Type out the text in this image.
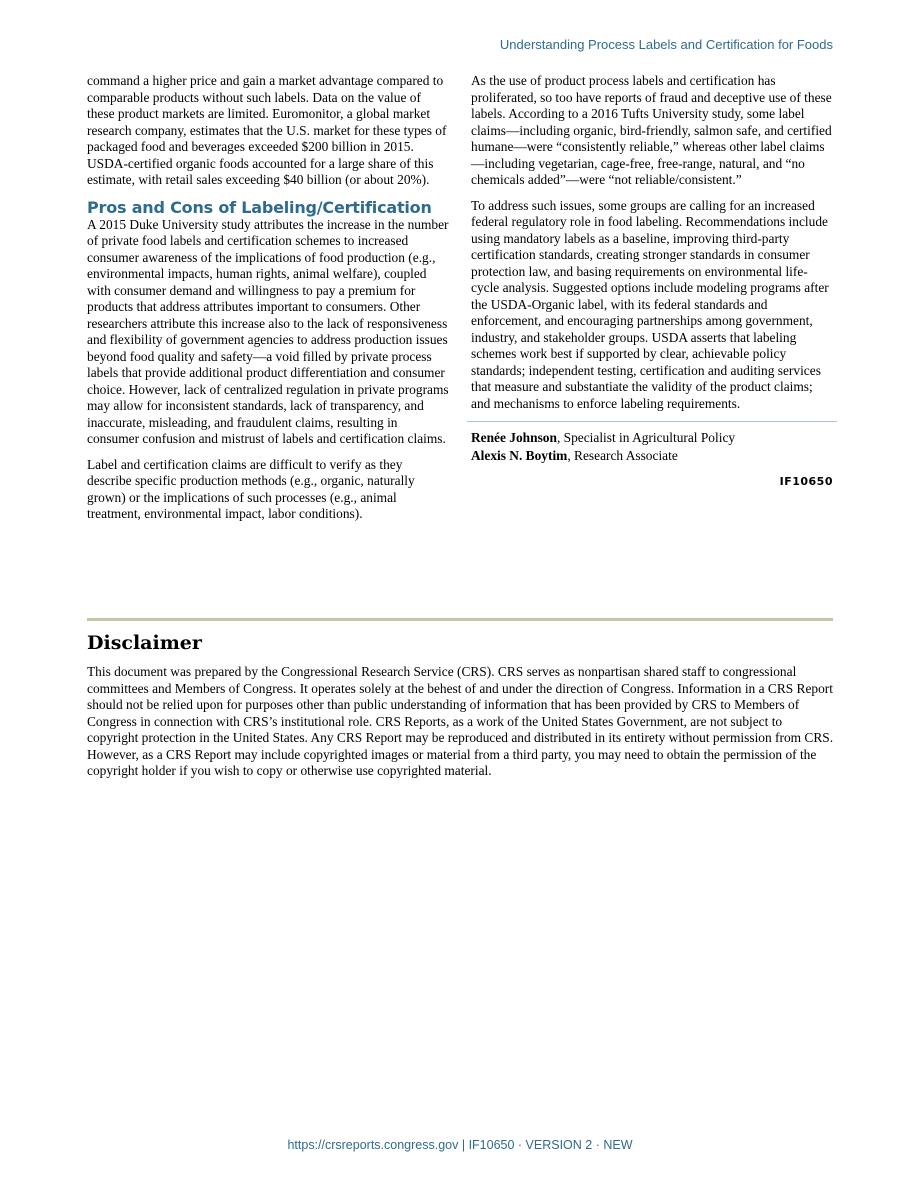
Understanding Process Labels and Certification for Foods

command a higher price and gain a market advantage compared to comparable products without such labels. Data on the value of these product markets are limited. Euromonitor, a global market research company, estimates that the U.S. market for these types of packaged food and beverages exceeded $200 billion in 2015. USDA-certified organic foods accounted for a large share of this estimate, with retail sales exceeding $40 billion (or about 20%).

Pros and Cons of Labeling/Certification

A 2015 Duke University study attributes the increase in the number of private food labels and certification schemes to increased consumer awareness of the implications of food production (e.g., environmental impacts, human rights, animal welfare), coupled with consumer demand and willingness to pay a premium for products that address attributes important to consumers. Other researchers attribute this increase also to the lack of responsiveness and flexibility of government agencies to address production issues beyond food quality and safety—a void filled by private process labels that provide additional product differentiation and consumer choice. However, lack of centralized regulation in private programs may allow for inconsistent standards, lack of transparency, and inaccurate, misleading, and fraudulent claims, resulting in consumer confusion and mistrust of labels and certification claims.

Label and certification claims are difficult to verify as they describe specific production methods (e.g., organic, naturally grown) or the implications of such processes (e.g., animal treatment, environmental impact, labor conditions).

As the use of product process labels and certification has proliferated, so too have reports of fraud and deceptive use of these labels. According to a 2016 Tufts University study, some label claims—including organic, bird-friendly, salmon safe, and certified humane—were “consistently reliable,” whereas other label claims—including vegetarian, cage-free, free-range, natural, and “no chemicals added”—were “not reliable/consistent.”

To address such issues, some groups are calling for an increased federal regulatory role in food labeling. Recommendations include using mandatory labels as a baseline, improving third-party certification standards, creating stronger standards in consumer protection law, and basing requirements on environmental life-cycle analysis. Suggested options include modeling programs after the USDA-Organic label, with its federal standards and enforcement, and encouraging partnerships among government, industry, and stakeholder groups. USDA asserts that labeling schemes work best if supported by clear, achievable policy standards; independent testing, certification and auditing services that measure and substantiate the validity of the product claims; and mechanisms to enforce labeling requirements.

Renée Johnson, Specialist in Agricultural Policy

Alexis N. Boytim, Research Associate

IF10650
Disclaimer

This document was prepared by the Congressional Research Service (CRS). CRS serves as nonpartisan shared staff to congressional committees and Members of Congress. It operates solely at the behest of and under the direction of Congress. Information in a CRS Report should not be relied upon for purposes other than public understanding of information that has been provided by CRS to Members of Congress in connection with CRS’s institutional role. CRS Reports, as a work of the United States Government, are not subject to copyright protection in the United States. Any CRS Report may be reproduced and distributed in its entirety without permission from CRS. However, as a CRS Report may include copyrighted images or material from a third party, you may need to obtain the permission of the copyright holder if you wish to copy or otherwise use copyrighted material.

https://crsreports.congress.gov | IF10650 · VERSION 2 · NEW
